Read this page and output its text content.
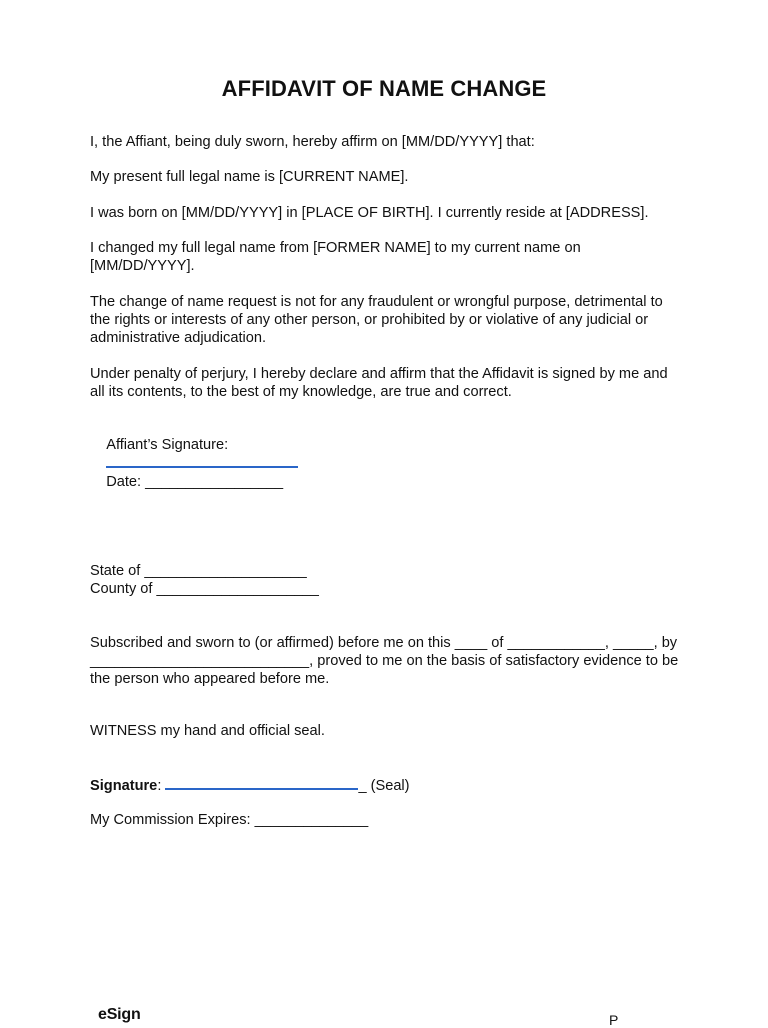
AFFIDAVIT OF NAME CHANGE
I, the Affiant, being duly sworn, hereby affirm on [MM/DD/YYYY] that:
My present full legal name is [CURRENT NAME].
I was born on [MM/DD/YYYY] in [PLACE OF BIRTH]. I currently reside at [ADDRESS].
I changed my full legal name from [FORMER NAME] to my current name on [MM/DD/YYYY].
The change of name request is not for any fraudulent or wrongful purpose, detrimental to the rights or interests of any other person, or prohibited by or violative of any judicial or administrative adjudication.
Under penalty of perjury, I hereby declare and affirm that the Affidavit is signed by me and all its contents, to the best of my knowledge, are true and correct.

Affiant’s Signature:

Date: _________________

State of ____________________
County of ____________________
Subscribed and sworn to (or affirmed) before me on this ____ of ____________, _____, by ___________________________, proved to me on the basis of satisfactory evidence to be the person who appeared before me.
WITNESS my hand and official seal.
Signature:	_ (Seal)
My Commission Expires: ______________
eSign	P
